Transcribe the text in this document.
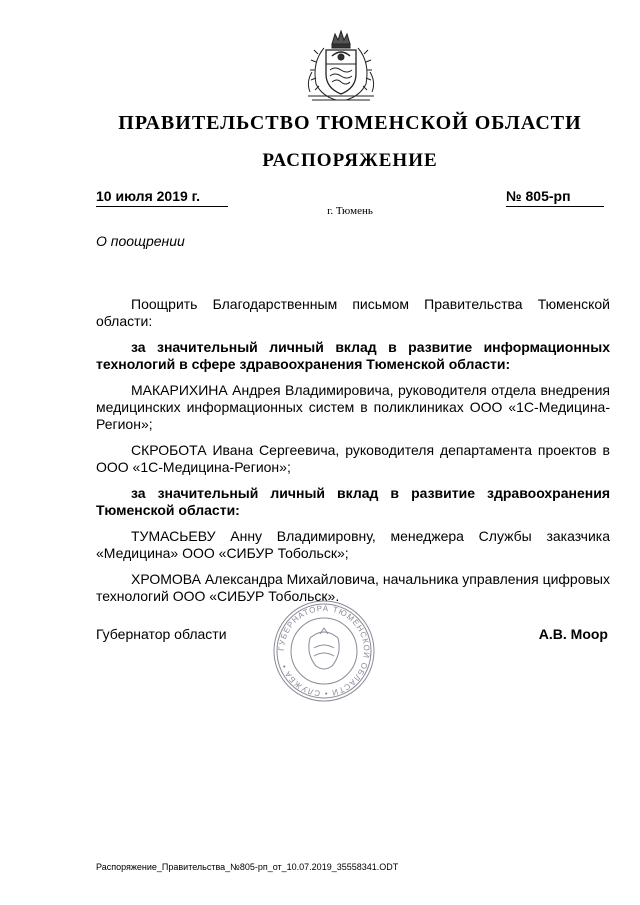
ПРАВИТЕЛЬСТВО ТЮМЕНСКОЙ ОБЛАСТИ
РАСПОРЯЖЕНИЕ
10 июля 2019 г.	№ 805-рп
г. Тюмень
О поощрении

Поощрить Благодарственным письмом Правительства Тюменской области:

за значительный личный вклад в развитие информационных технологий в сфере здравоохранения Тюменской области:

МАКАРИХИНА Андрея Владимировича, руководителя отдела внедрения медицинских информационных систем в поликлиниках ООО «1С-Медицина-Регион»;

СКРОБОТА Ивана Сергеевича, руководителя департамента проектов в ООО «1С-Медицина-Регион»;

за значительный личный вклад в развитие здравоохранения Тюменской области:

ТУМАСЬЕВУ Анну Владимировну, менеджера Службы заказчика «Медицина» ООО «СИБУР Тобольск»;

ХРОМОВА Александра Михайловича, начальника управления цифровых технологий ООО «СИБУР Тобольск».

ГУБЕРНАТОРА ТЮМЕНСКОЙ ОБЛАСТИ • СЛУЖБА •
Губернатор области	А.В. Моор
Распоряжение_Правительства_№805-рп_от_10.07.2019_35558341.ODT
